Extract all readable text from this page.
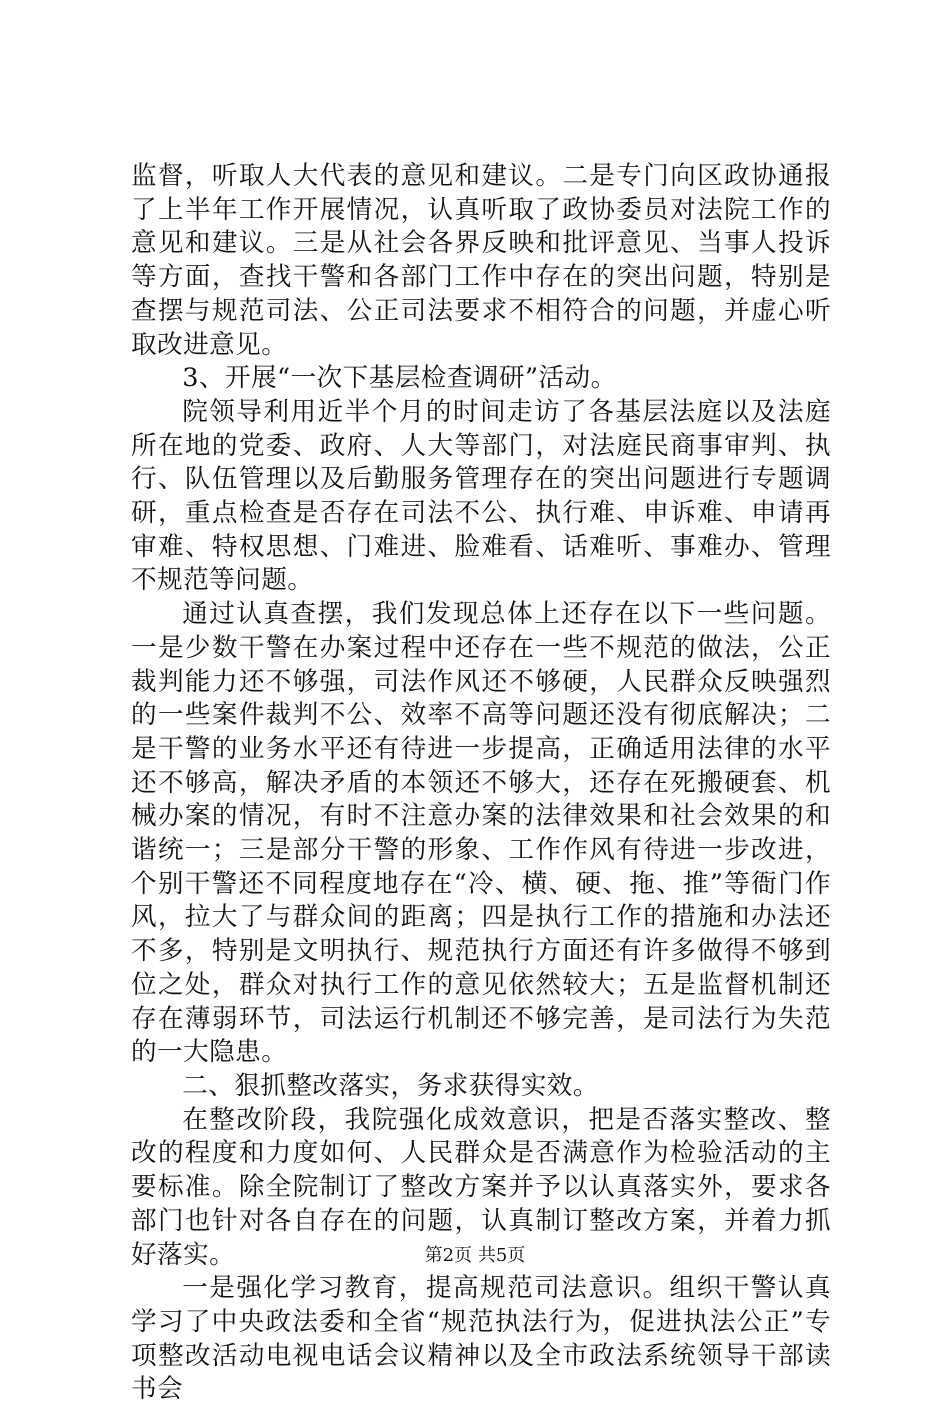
监督，听取人大代表的意见和建议。二是专门向区政协通报了上半年工作开展情况，认真听取了政协委员对法院工作的意见和建议。三是从社会各界反映和批评意见、当事人投诉等方面，查找干警和各部门工作中存在的突出问题，特别是查摆与规范司法、公正司法要求不相符合的问题，并虚心听取改进意见。

3、开展“一次下基层检查调研”活动。

院领导利用近半个月的时间走访了各基层法庭以及法庭所在地的党委、政府、人大等部门，对法庭民商事审判、执行、队伍管理以及后勤服务管理存在的突出问题进行专题调研，重点检查是否存在司法不公、执行难、申诉难、申请再审难、特权思想、门难进、脸难看、话难听、事难办、管理不规范等问题。

通过认真查摆，我们发现总体上还存在以下一些问题。一是少数干警在办案过程中还存在一些不规范的做法，公正裁判能力还不够强，司法作风还不够硬，人民群众反映强烈的一些案件裁判不公、效率不高等问题还没有彻底解决；二是干警的业务水平还有待进一步提高，正确适用法律的水平还不够高，解决矛盾的本领还不够大，还存在死搬硬套、机械办案的情况，有时不注意办案的法律效果和社会效果的和谐统一；三是部分干警的形象、工作作风有待进一步改进，个别干警还不同程度地存在“冷、横、硬、拖、推”等衙门作风，拉大了与群众间的距离；四是执行工作的措施和办法还不多，特别是文明执行、规范执行方面还有许多做得不够到位之处，群众对执行工作的意见依然较大；五是监督机制还存在薄弱环节，司法运行机制还不够完善，是司法行为失范的一大隐患。

二、狠抓整改落实，务求获得实效。

在整改阶段，我院强化成效意识，把是否落实整改、整改的程度和力度如何、人民群众是否满意作为检验活动的主要标准。除全院制订了整改方案并予以认真落实外，要求各部门也针对各自存在的问题，认真制订整改方案，并着力抓好落实。

一是强化学习教育，提高规范司法意识。组织干警认真学习了中央政法委和全省“规范执法行为，促进执法公正”专项整改活动电视电话会议精神以及全市政法系统领导干部读书会

第2页 共5页
